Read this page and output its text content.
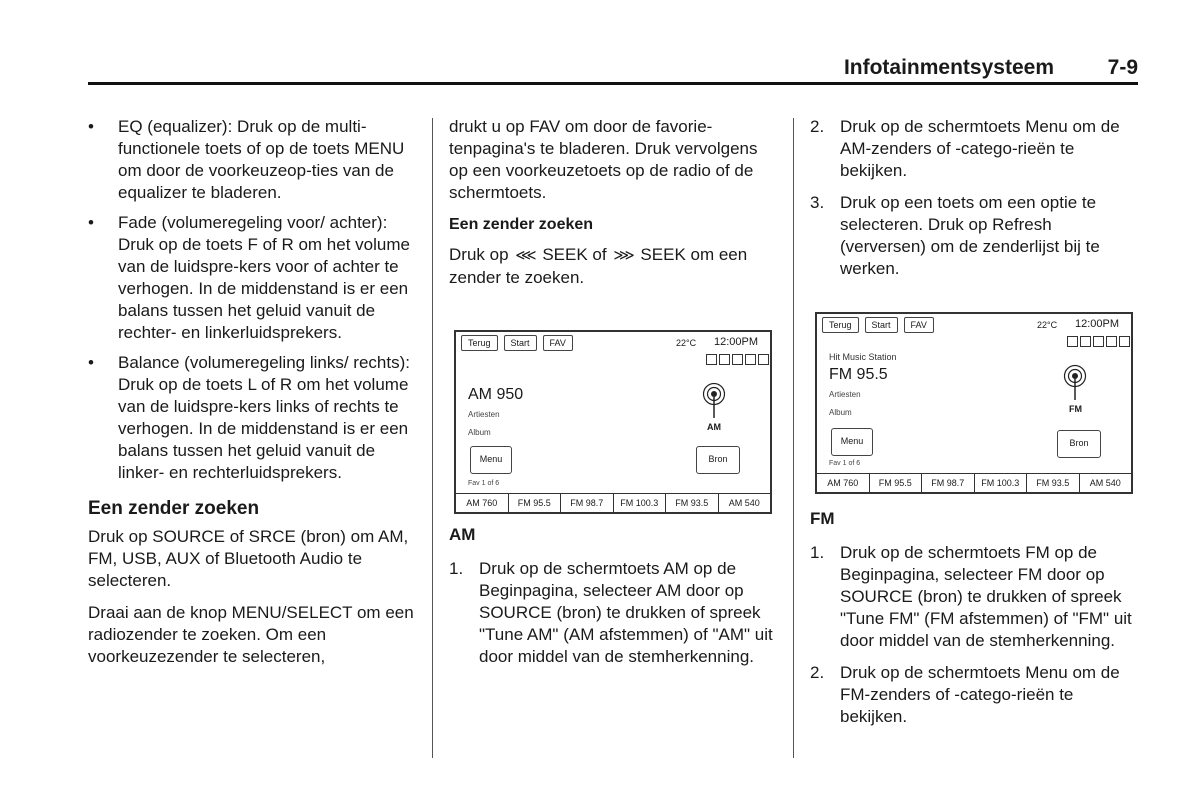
Infotainmentsysteem	7-9
• EQ (equalizer): Druk op de multi-functionele toets of op de toets MENU om door de voorkeuzeop-ties van de equalizer te bladeren.
• Fade (volumeregeling voor/ achter): Druk op de toets F of R om het volume van de luidspre-kers voor of achter te verhogen. In de middenstand is er een balans tussen het geluid vanuit de rechter- en linkerluidsprekers.
• Balance (volumeregeling links/ rechts): Druk op de toets L of R om het volume van de luidspre-kers links of rechts te verhogen. In de middenstand is er een balans tussen het geluid vanuit de linker- en rechterluidsprekers.
Een zender zoeken

Druk op SOURCE of SRCE (bron) om AM, FM, USB, AUX of Bluetooth Audio te selecteren.

Draai aan de knop MENU/SELECT om een radiozender te zoeken. Om een voorkeuzezender te selecteren,

drukt u op FAV om door de favorie-tenpagina's te bladeren. Druk vervolgens op een voorkeuzetoets op de radio of de schermtoets.

Een zender zoeken

Druk op ⋘ SEEK of ⋙ SEEK om een zender te zoeken.

Terug	Start	FAV	22°C 12:00PM
AM 950
Artiesten
Album
AM
Menu	Bron
Fav 1 of 6
AM 760	FM 95.5	FM 98.7	FM 100.3	FM 93.5	AM 540
AM
1. Druk op de schermtoets AM op de Beginpagina, selecteer AM door op SOURCE (bron) te drukken of spreek "Tune AM" (AM afstemmen) of "AM" uit door middel van de stemherkenning.
2. Druk op de schermtoets Menu om de AM-zenders of -catego-rieën te bekijken.
3. Druk op een toets om een optie te selecteren. Druk op Refresh (verversen) om de zenderlijst bij te werken.
Terug	Start	FAV	22°C 12:00PM
Hit Music Station
FM 95.5
Artiesten
Album	FM
Menu	Bron
Fav 1 of 6
AM 760	FM 95.5	FM 98.7	FM 100.3	FM 93.5	AM 540
FM
1. Druk op de schermtoets FM op de Beginpagina, selecteer FM door op SOURCE (bron) te drukken of spreek "Tune FM" (FM afstemmen) of "FM" uit door middel van de stemherkenning.
2. Druk op de schermtoets Menu om de FM-zenders of -catego-rieën te bekijken.
